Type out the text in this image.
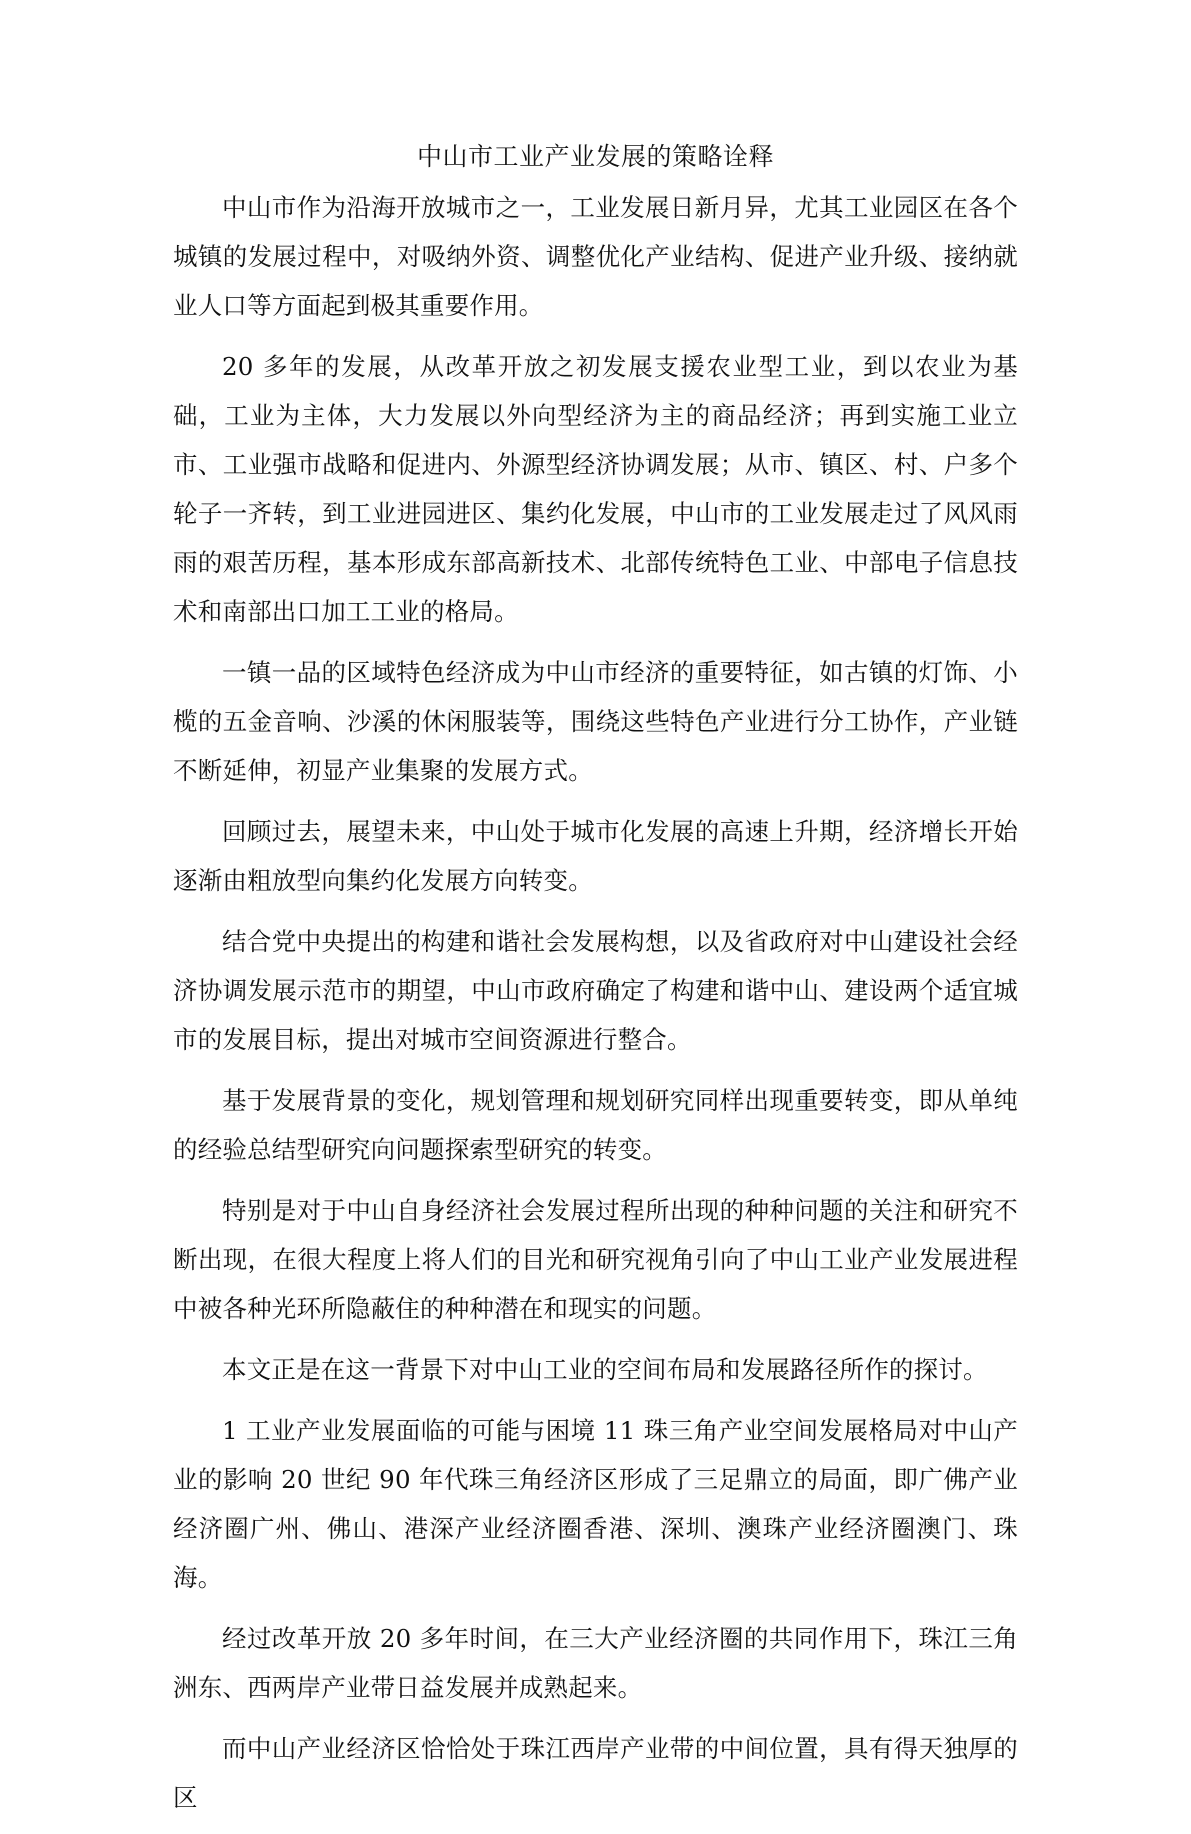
中山市工业产业发展的策略诠释

中山市作为沿海开放城市之一，工业发展日新月异，尤其工业园区在各个城镇的发展过程中，对吸纳外资、调整优化产业结构、促进产业升级、接纳就业人口等方面起到极其重要作用。

20 多年的发展，从改革开放之初发展支援农业型工业，到以农业为基础，工业为主体，大力发展以外向型经济为主的商品经济；再到实施工业立市、工业强市战略和促进内、外源型经济协调发展；从市、镇区、村、户多个轮子一齐转，到工业进园进区、集约化发展，中山市的工业发展走过了风风雨雨的艰苦历程，基本形成东部高新技术、北部传统特色工业、中部电子信息技术和南部出口加工工业的格局。

一镇一品的区域特色经济成为中山市经济的重要特征，如古镇的灯饰、小榄的五金音响、沙溪的休闲服装等，围绕这些特色产业进行分工协作，产业链不断延伸，初显产业集聚的发展方式。

回顾过去，展望未来，中山处于城市化发展的高速上升期，经济增长开始逐渐由粗放型向集约化发展方向转变。

结合党中央提出的构建和谐社会发展构想，以及省政府对中山建设社会经济协调发展示范市的期望，中山市政府确定了构建和谐中山、建设两个适宜城市的发展目标，提出对城市空间资源进行整合。

基于发展背景的变化，规划管理和规划研究同样出现重要转变，即从单纯的经验总结型研究向问题探索型研究的转变。

特别是对于中山自身经济社会发展过程所出现的种种问题的关注和研究不断出现，在很大程度上将人们的目光和研究视角引向了中山工业产业发展进程中被各种光环所隐蔽住的种种潜在和现实的问题。

本文正是在这一背景下对中山工业的空间布局和发展路径所作的探讨。

1 工业产业发展面临的可能与困境 11 珠三角产业空间发展格局对中山产业的影响 20 世纪 90 年代珠三角经济区形成了三足鼎立的局面，即广佛产业经济圈广州、佛山、港深产业经济圈香港、深圳、澳珠产业经济圈澳门、珠海。

经过改革开放 20 多年时间，在三大产业经济圈的共同作用下，珠江三角洲东、西两岸产业带日益发展并成熟起来。

而中山产业经济区恰恰处于珠江西岸产业带的中间位置，具有得天独厚的区
